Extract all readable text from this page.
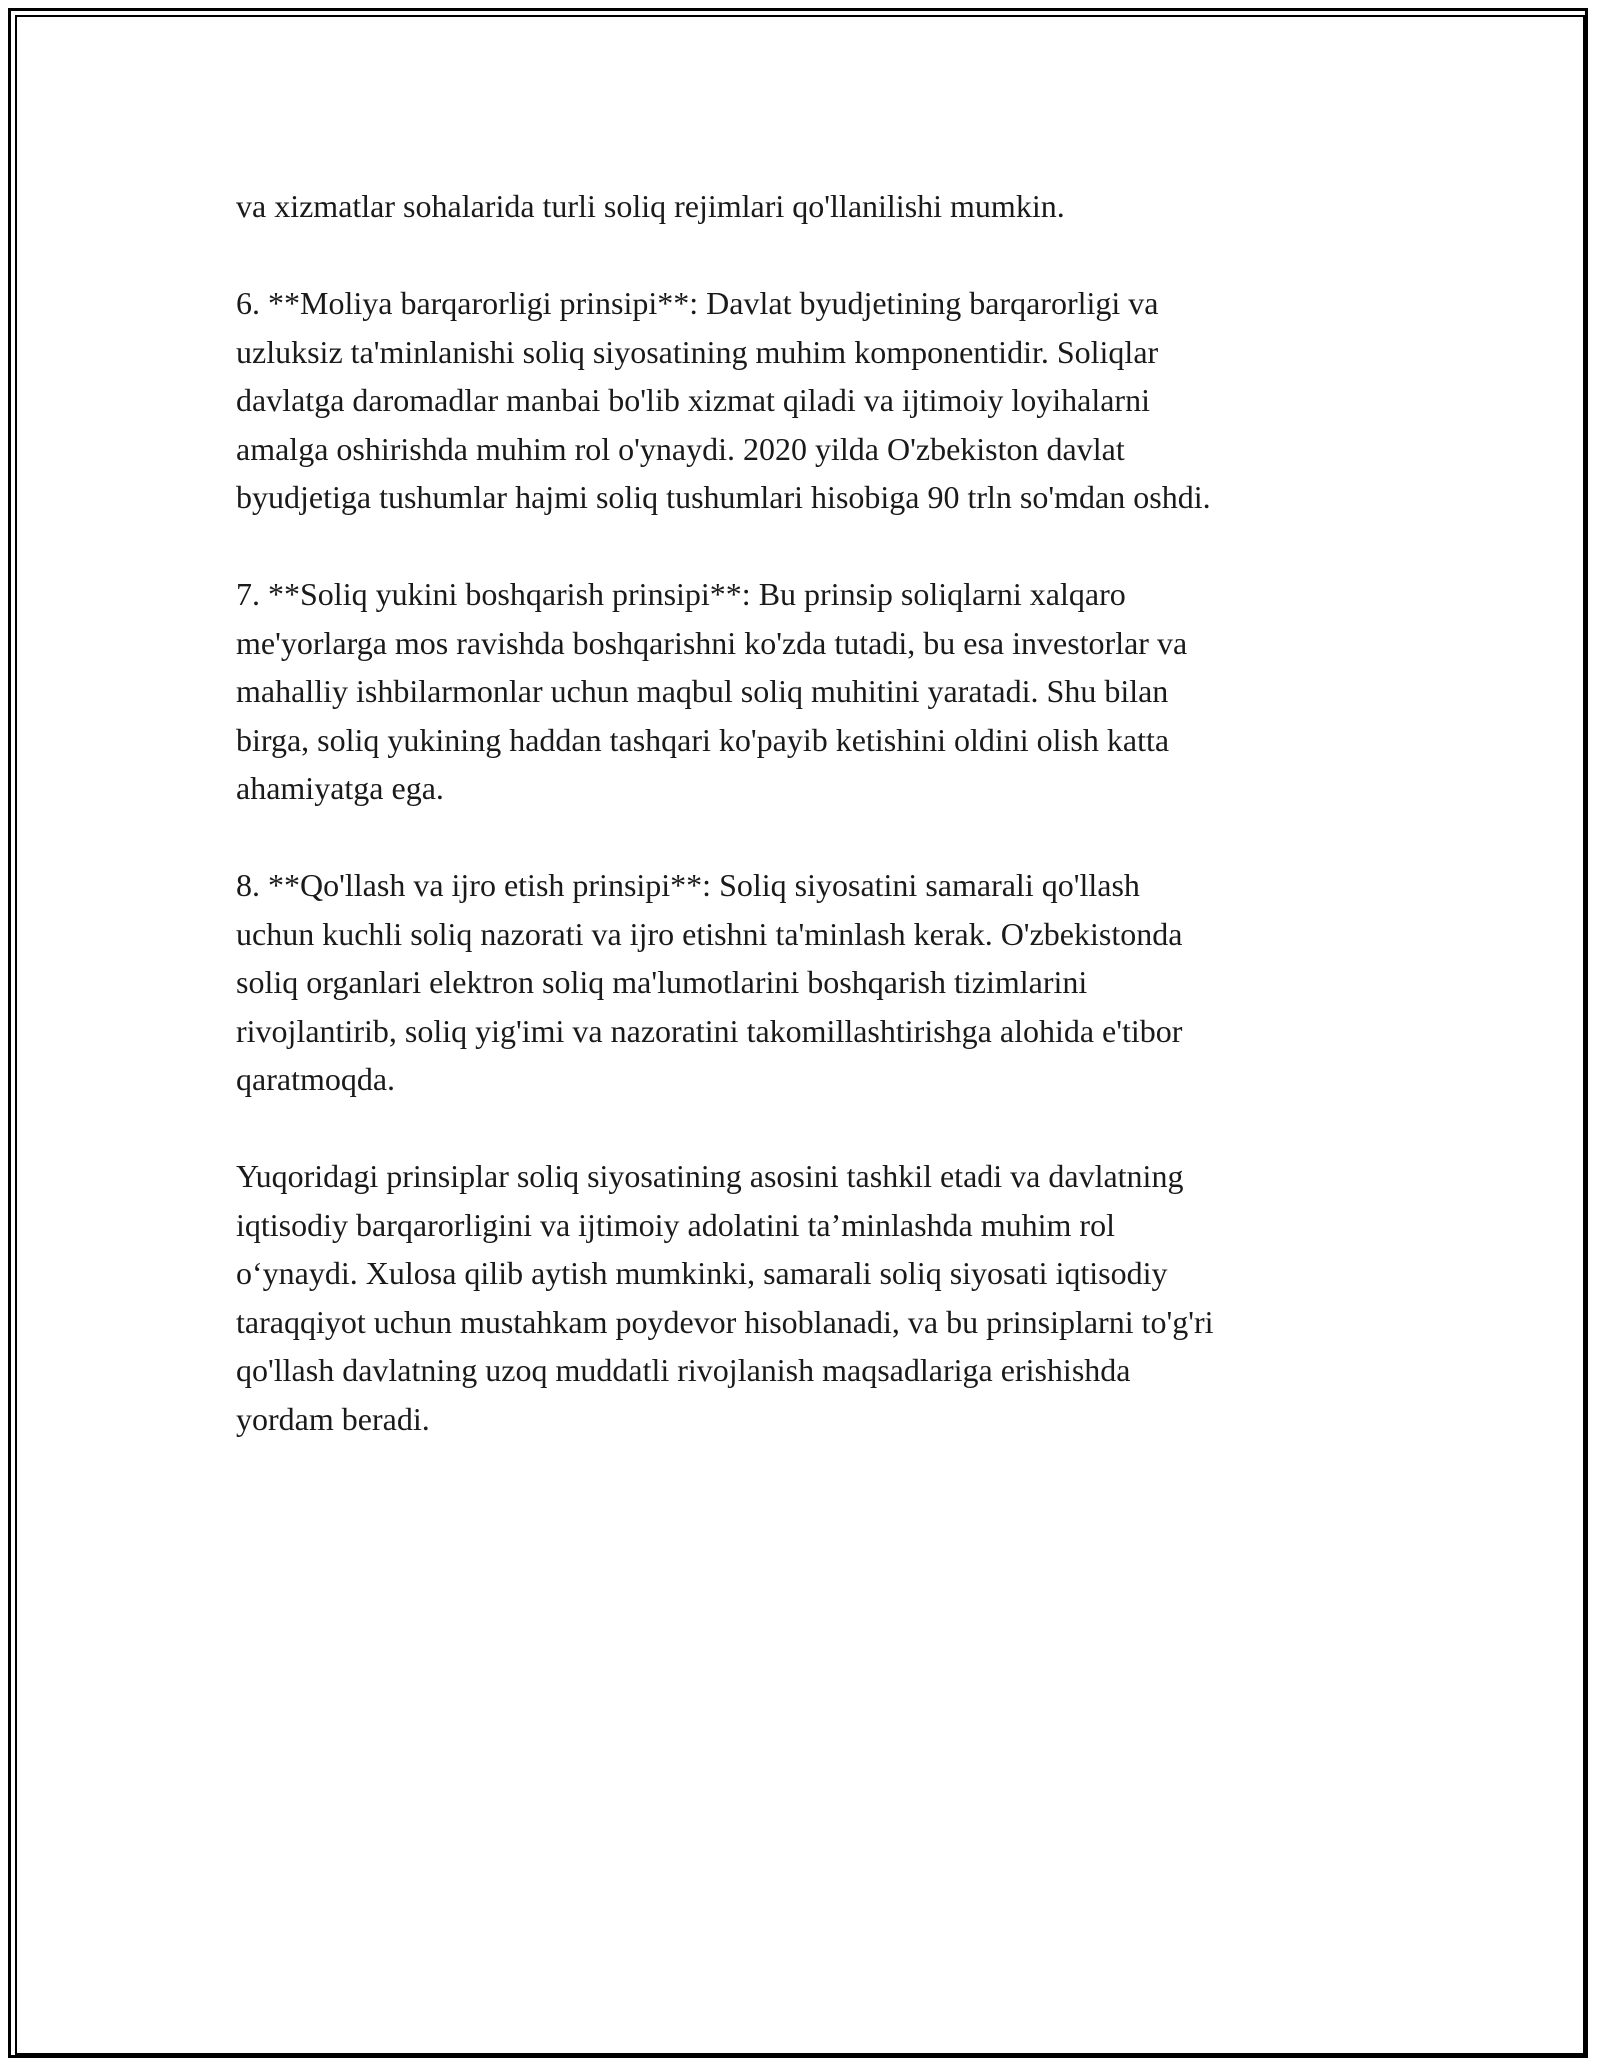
va xizmatlar sohalarida turli soliq rejimlari qo'llanilishi mumkin.

6. **Moliya barqarorligi prinsipi**: Davlat byudjetining barqarorligi va
uzluksiz ta'minlanishi soliq siyosatining muhim komponentidir. Soliqlar
davlatga daromadlar manbai bo'lib xizmat qiladi va ijtimoiy loyihalarni
amalga oshirishda muhim rol o'ynaydi. 2020 yilda O'zbekiston davlat
byudjetiga tushumlar hajmi soliq tushumlari hisobiga 90 trln so'mdan oshdi.

7. **Soliq yukini boshqarish prinsipi**: Bu prinsip soliqlarni xalqaro
me'yorlarga mos ravishda boshqarishni ko'zda tutadi, bu esa investorlar va
mahalliy ishbilarmonlar uchun maqbul soliq muhitini yaratadi. Shu bilan
birga, soliq yukining haddan tashqari ko'payib ketishini oldini olish katta
ahamiyatga ega.

8. **Qo'llash va ijro etish prinsipi**: Soliq siyosatini samarali qo'llash
uchun kuchli soliq nazorati va ijro etishni ta'minlash kerak. O'zbekistonda
soliq organlari elektron soliq ma'lumotlarini boshqarish tizimlarini
rivojlantirib, soliq yig'imi va nazoratini takomillashtirishga alohida e'tibor
qaratmoqda.

Yuqoridagi prinsiplar soliq siyosatining asosini tashkil etadi va davlatning
iqtisodiy barqarorligini va ijtimoiy adolatini ta’minlashda muhim rol
o‘ynaydi. Xulosa qilib aytish mumkinki, samarali soliq siyosati iqtisodiy
taraqqiyot uchun mustahkam poydevor hisoblanadi, va bu prinsiplarni to'g'ri
qo'llash davlatning uzoq muddatli rivojlanish maqsadlariga erishishda
yordam beradi.
